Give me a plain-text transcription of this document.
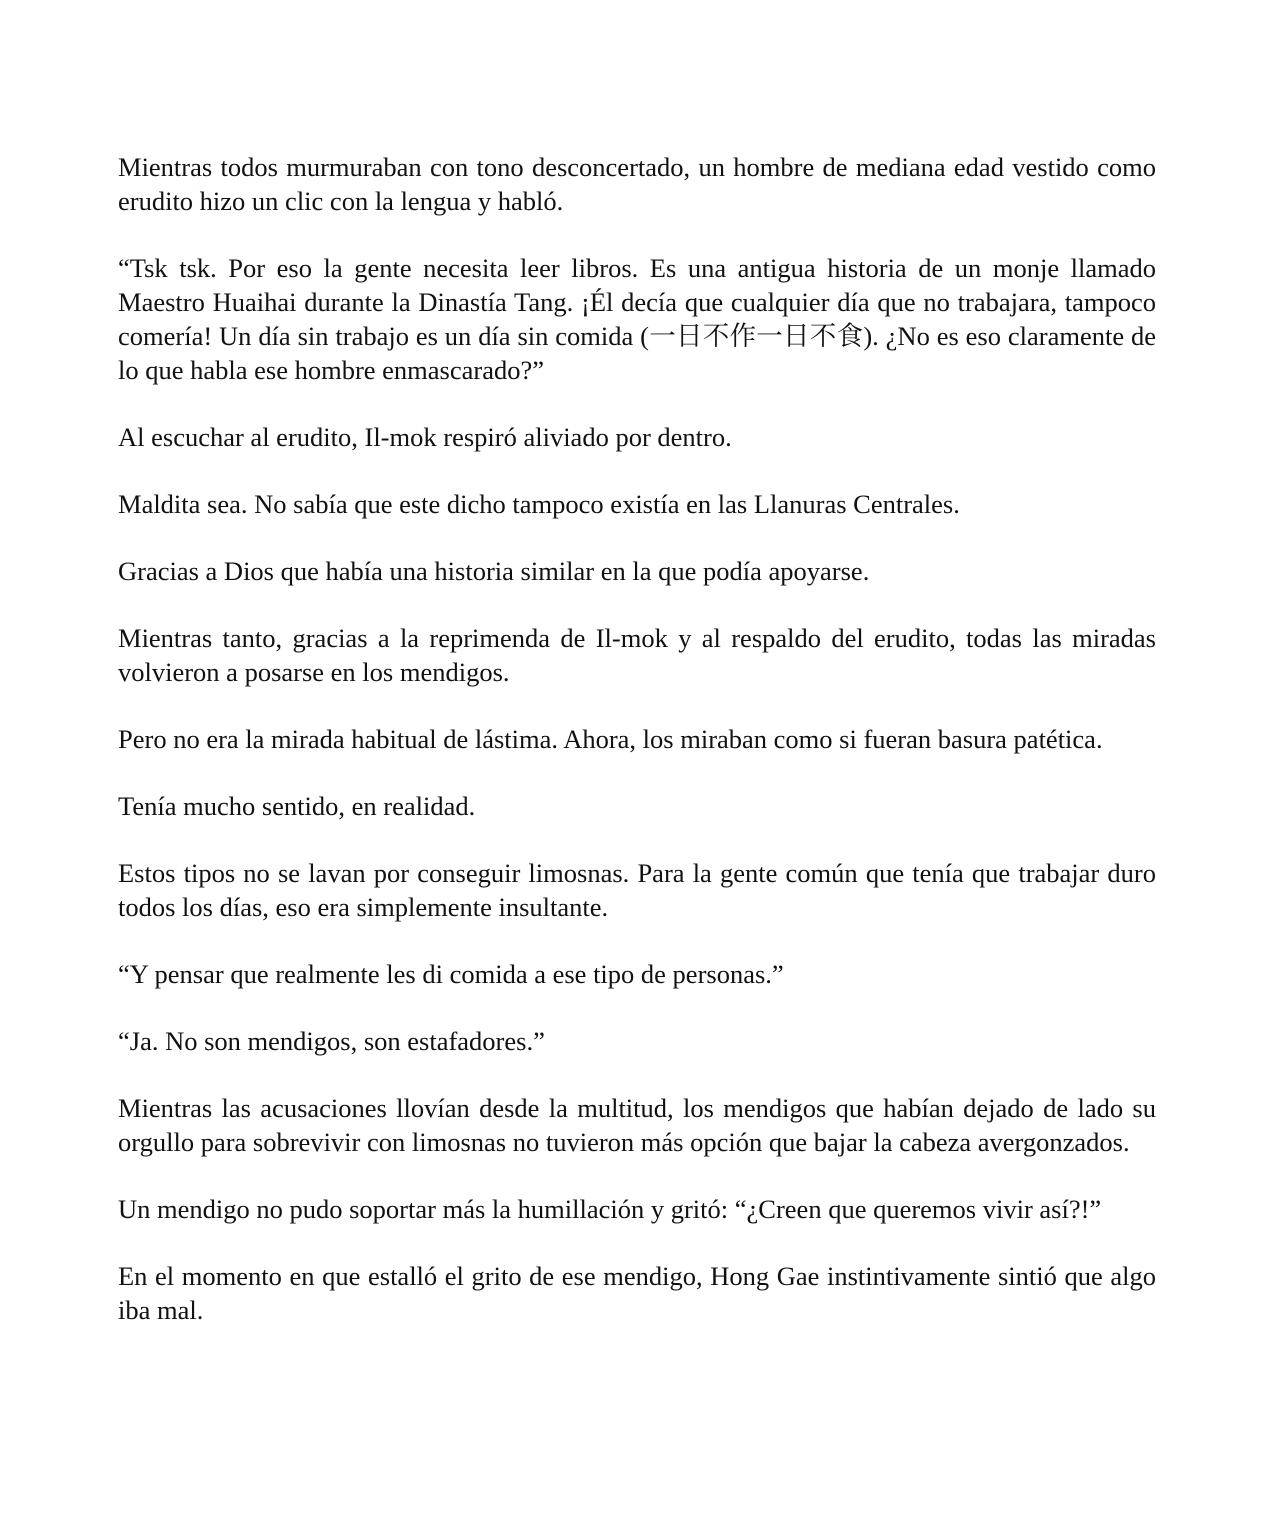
Mientras todos murmuraban con tono desconcertado, un hombre de mediana edad vestido como erudito hizo un clic con la lengua y habló.

“Tsk tsk. Por eso la gente necesita leer libros. Es una antigua historia de un monje llamado Maestro Huaihai durante la Dinastía Tang. ¡Él decía que cualquier día que no trabajara, tampoco comería! Un día sin trabajo es un día sin comida (一日不作一日不食). ¿No es eso claramente de lo que habla ese hombre enmascarado?”

Al escuchar al erudito, Il-mok respiró aliviado por dentro.

Maldita sea. No sabía que este dicho tampoco existía en las Llanuras Centrales.

Gracias a Dios que había una historia similar en la que podía apoyarse.

Mientras tanto, gracias a la reprimenda de Il-mok y al respaldo del erudito, todas las miradas volvieron a posarse en los mendigos.

Pero no era la mirada habitual de lástima. Ahora, los miraban como si fueran basura patética.

Tenía mucho sentido, en realidad.

Estos tipos no se lavan por conseguir limosnas. Para la gente común que tenía que trabajar duro todos los días, eso era simplemente insultante.

“Y pensar que realmente les di comida a ese tipo de personas.”

“Ja. No son mendigos, son estafadores.”

Mientras las acusaciones llovían desde la multitud, los mendigos que habían dejado de lado su orgullo para sobrevivir con limosnas no tuvieron más opción que bajar la cabeza avergonzados.

Un mendigo no pudo soportar más la humillación y gritó: “¿Creen que queremos vivir así?!”

En el momento en que estalló el grito de ese mendigo, Hong Gae instintivamente sintió que algo iba mal.
